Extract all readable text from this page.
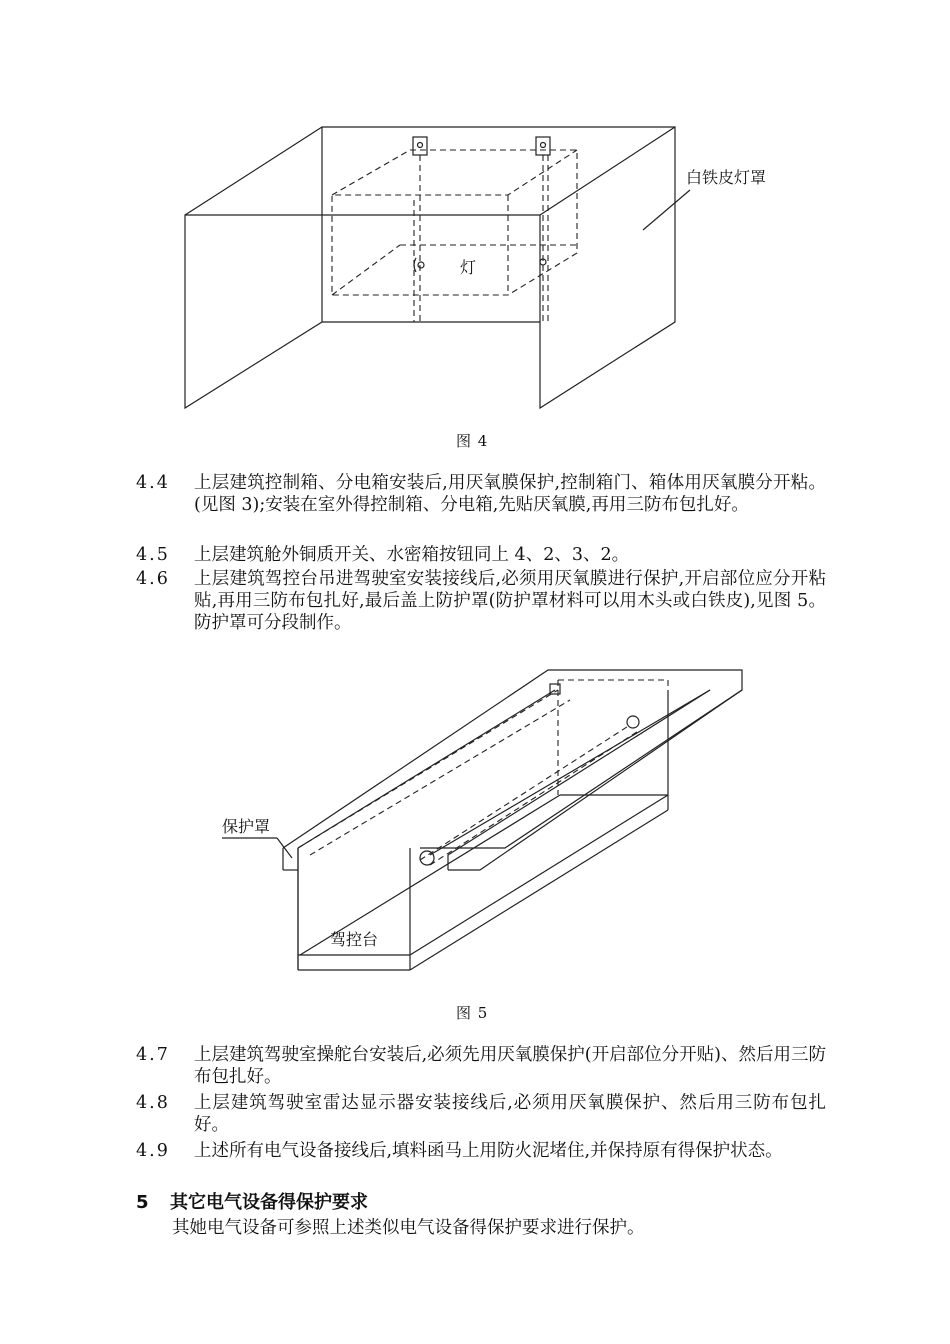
白铁皮灯罩
灯
图 4
4.4	上层建筑控制箱、分电箱安装后,用厌氧膜保护,控制箱门、箱体用厌氧膜分开粘。(见图 3);安装在室外得控制箱、分电箱,先贴厌氧膜,再用三防布包扎好。
4.5	上层建筑舱外铜质开关、水密箱按钮同上 4、2、3、2。
4.6	上层建筑驾控台吊进驾驶室安装接线后,必须用厌氧膜进行保护,开启部位应分开粘贴,再用三防布包扎好,最后盖上防护罩(防护罩材料可以用木头或白铁皮),见图 5。防护罩可分段制作。
保护罩
驾控台
图 5
4.7	上层建筑驾驶室操舵台安装后,必须先用厌氧膜保护(开启部位分开贴)、然后用三防布包扎好。
4.8	上层建筑驾驶室雷达显示器安装接线后,必须用厌氧膜保护、然后用三防布包扎好。
4.9	上述所有电气设备接线后,填料函马上用防火泥堵住,并保持原有得保护状态。
5 其它电气设备得保护要求
其她电气设备可参照上述类似电气设备得保护要求进行保护。
